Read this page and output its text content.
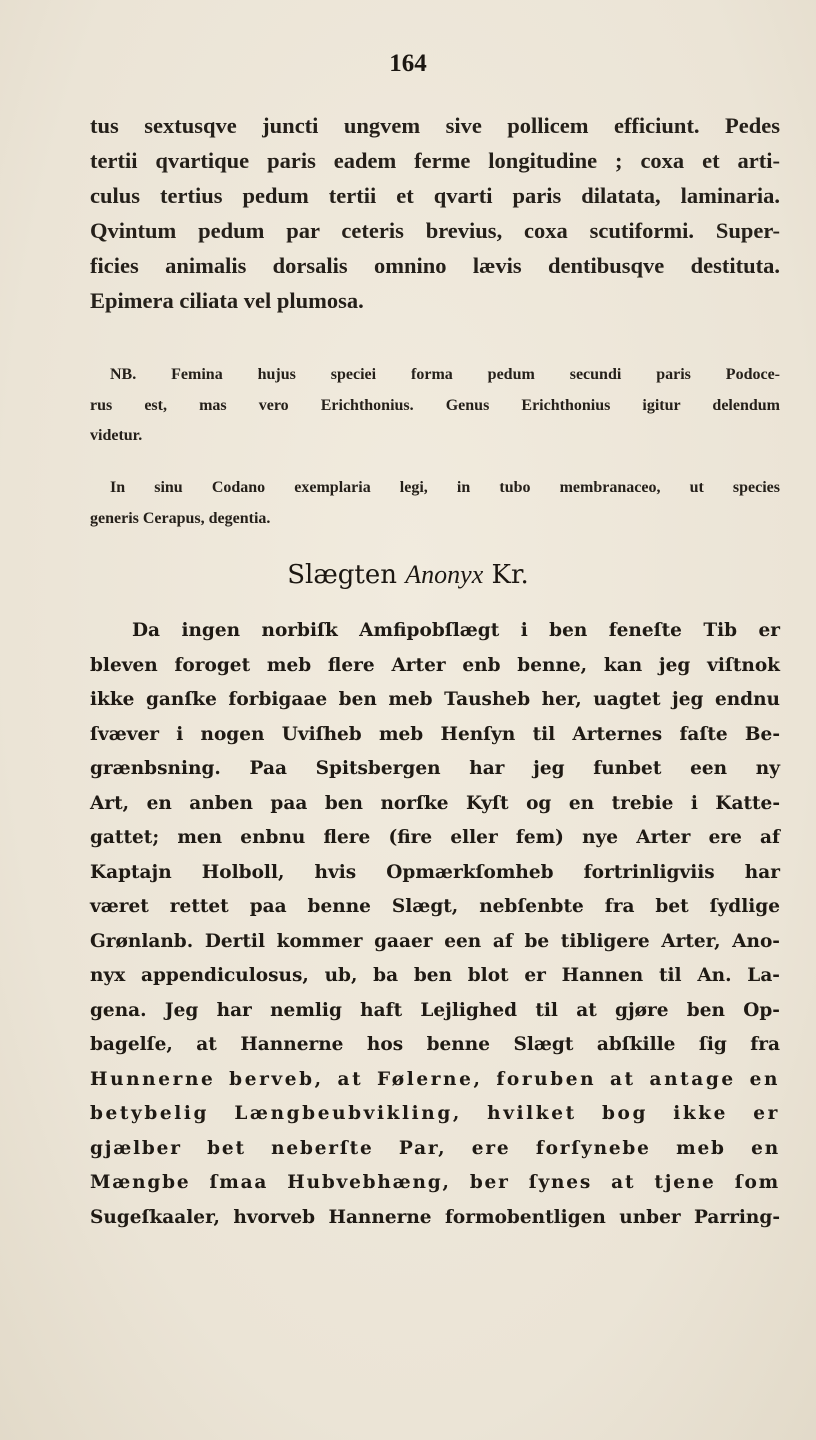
164
tus sextusqve juncti ungvem sive pollicem efficiunt. Pedes
tertii qvartique paris eadem ferme longitudine ; coxa et arti-
culus tertius pedum tertii et qvarti paris dilatata, laminaria.
Qvintum pedum par ceteris brevius, coxa scutiformi. Super-
ficies animalis dorsalis omnino lævis dentibusqve destituta.
Epimera ciliata vel plumosa.
NB. Femina hujus speciei forma pedum secundi paris Podoce-
rus est, mas vero Erichthonius. Genus Erichthonius igitur delendum
videtur.
In sinu Codano exemplaria legi, in tubo membranaceo, ut species
generis Cerapus, degentia.
Slægten Anonyx Kr.
Da ingen norbiſk Amfipobſlægt i ben feneſte Tib er
bleven foroget meb flere Arter enb benne, kan jeg viſtnok
ikke ganſke forbigaae ben meb Tausheb her, uagtet jeg endnu
ſvæver i nogen Uviſheb meb Henſyn til Arternes faſte Be-
grænbsning. Paa Spitsbergen har jeg funbet een ny
Art, en anben paa ben norſke Kyſt og en trebie i Katte-
gattet; men enbnu flere (fire eller fem) nye Arter ere af
Kaptajn Holboll, hvis Opmærkſomheb fortrinligviis har
været rettet paa benne Slægt, nebſenbte fra bet ſydlige
Grønlanb. Dertil kommer gaaer een af be tibligere Arter, Ano-
nyx appendiculosus, ub, ba ben blot er Hannen til An. La-
gena. Jeg har nemlig haft Lejlighed til at gjøre ben Op-
bagelſe, at Hannerne hos benne Slægt abſkille ſig fra
Hunnerne berveb, at Følerne, foruben at antage en
betybelig Længbeubvikling, hvilket bog ikke er
gjælber bet neberſte Par, ere forſynebe meb en
Mængbe ſmaa Hubvebhæng, ber ſynes at tjene ſom
Sugeſkaaler, hvorveb Hannerne formobentligen unber Parring-
